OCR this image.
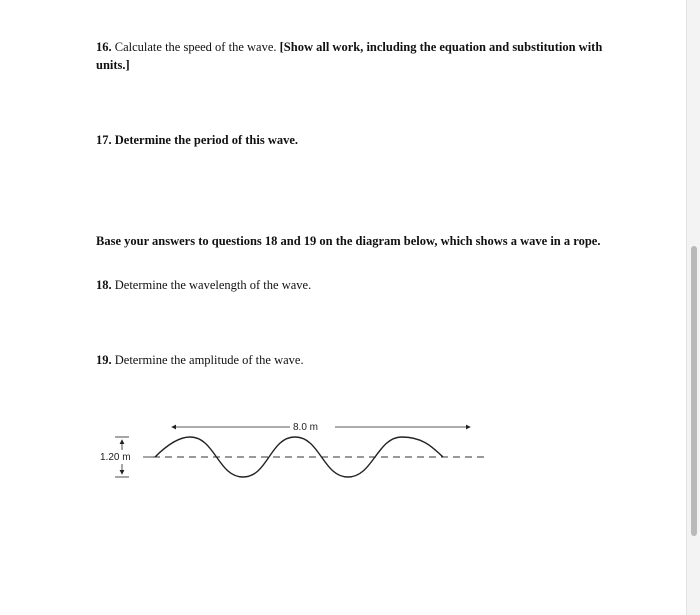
16. Calculate the speed of the wave. [Show all work, including the equation and substitution with units.]

17. Determine the period of this wave.

Base your answers to questions 18 and 19 on the diagram below, which shows a wave in a rope.

18. Determine the wavelength of the wave.

19. Determine the amplitude of the wave.

8.0 m
1.20 m
